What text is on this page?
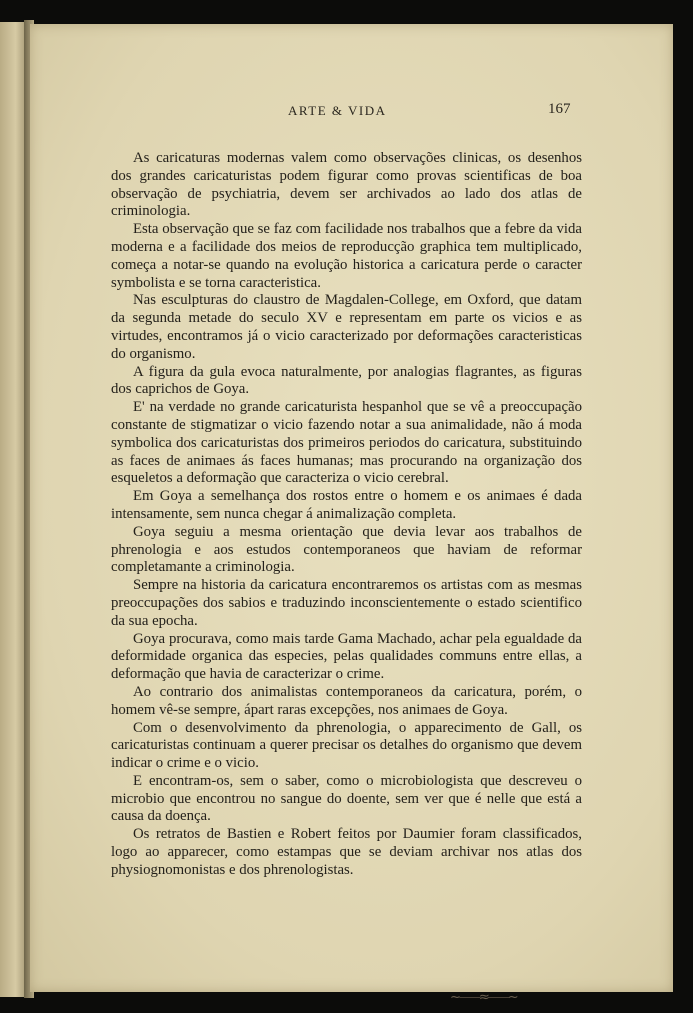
ARTE & VIDA	167

As caricaturas modernas valem como observações clinicas, os desenhos dos grandes caricaturistas podem figurar como provas scientificas de boa observação de psychiatria, devem ser archivados ao lado dos atlas de criminologia.

Esta observação que se faz com facilidade nos trabalhos que a febre da vida moderna e a facilidade dos meios de reproducção graphica tem multiplicado, começa a notar-se quando na evolução historica a caricatura perde o caracter symbolista e se torna caracteristica.

Nas esculpturas do claustro de Magdalen-College, em Oxford, que datam da segunda metade do seculo XV e representam em parte os vicios e as virtudes, encontramos já o vicio caracterizado por deformações caracteristicas do organismo.

A figura da gula evoca naturalmente, por analogias flagrantes, as figuras dos caprichos de Goya.

E' na verdade no grande caricaturista hespanhol que se vê a preoccupação constante de stigmatizar o vicio fazendo notar a sua animalidade, não á moda symbolica dos caricaturistas dos primeiros periodos do caricatura, substituindo as faces de animaes ás faces humanas; mas procurando na organização dos esqueletos a deformação que caracteriza o vicio cerebral.

Em Goya a semelhança dos rostos entre o homem e os animaes é dada intensamente, sem nunca chegar á animalização completa.

Goya seguiu a mesma orientação que devia levar aos trabalhos de phrenologia e aos estudos contemporaneos que haviam de reformar completamante a criminologia.

Sempre na historia da caricatura encontraremos os artistas com as mesmas preoccupações dos sabios e traduzindo inconscientemente o estado scientifico da sua epocha.

Goya procurava, como mais tarde Gama Machado, achar pela egualdade da deformidade organica das especies, pelas qualidades communs entre ellas, a deformação que havia de caracterizar o crime.

Ao contrario dos animalistas contemporaneos da caricatura, porém, o homem vê-se sempre, ápart raras excepções, nos animaes de Goya.

Com o desenvolvimento da phrenologia, o apparecimento de Gall, os caricaturistas continuam a querer precisar os detalhes do organismo que devem indicar o crime e o vicio.

E encontram-os, sem o saber, como o microbiologista que descreveu o microbio que encontrou no sangue do doente, sem ver que é nelle que está a causa da doença.

Os retratos de Bastien e Robert feitos por Daumier foram classificados, logo ao apparecer, como estampas que se deviam archivar nos atlas dos physiognomonistas e dos phrenologistas.

~⸺≈⸺~
